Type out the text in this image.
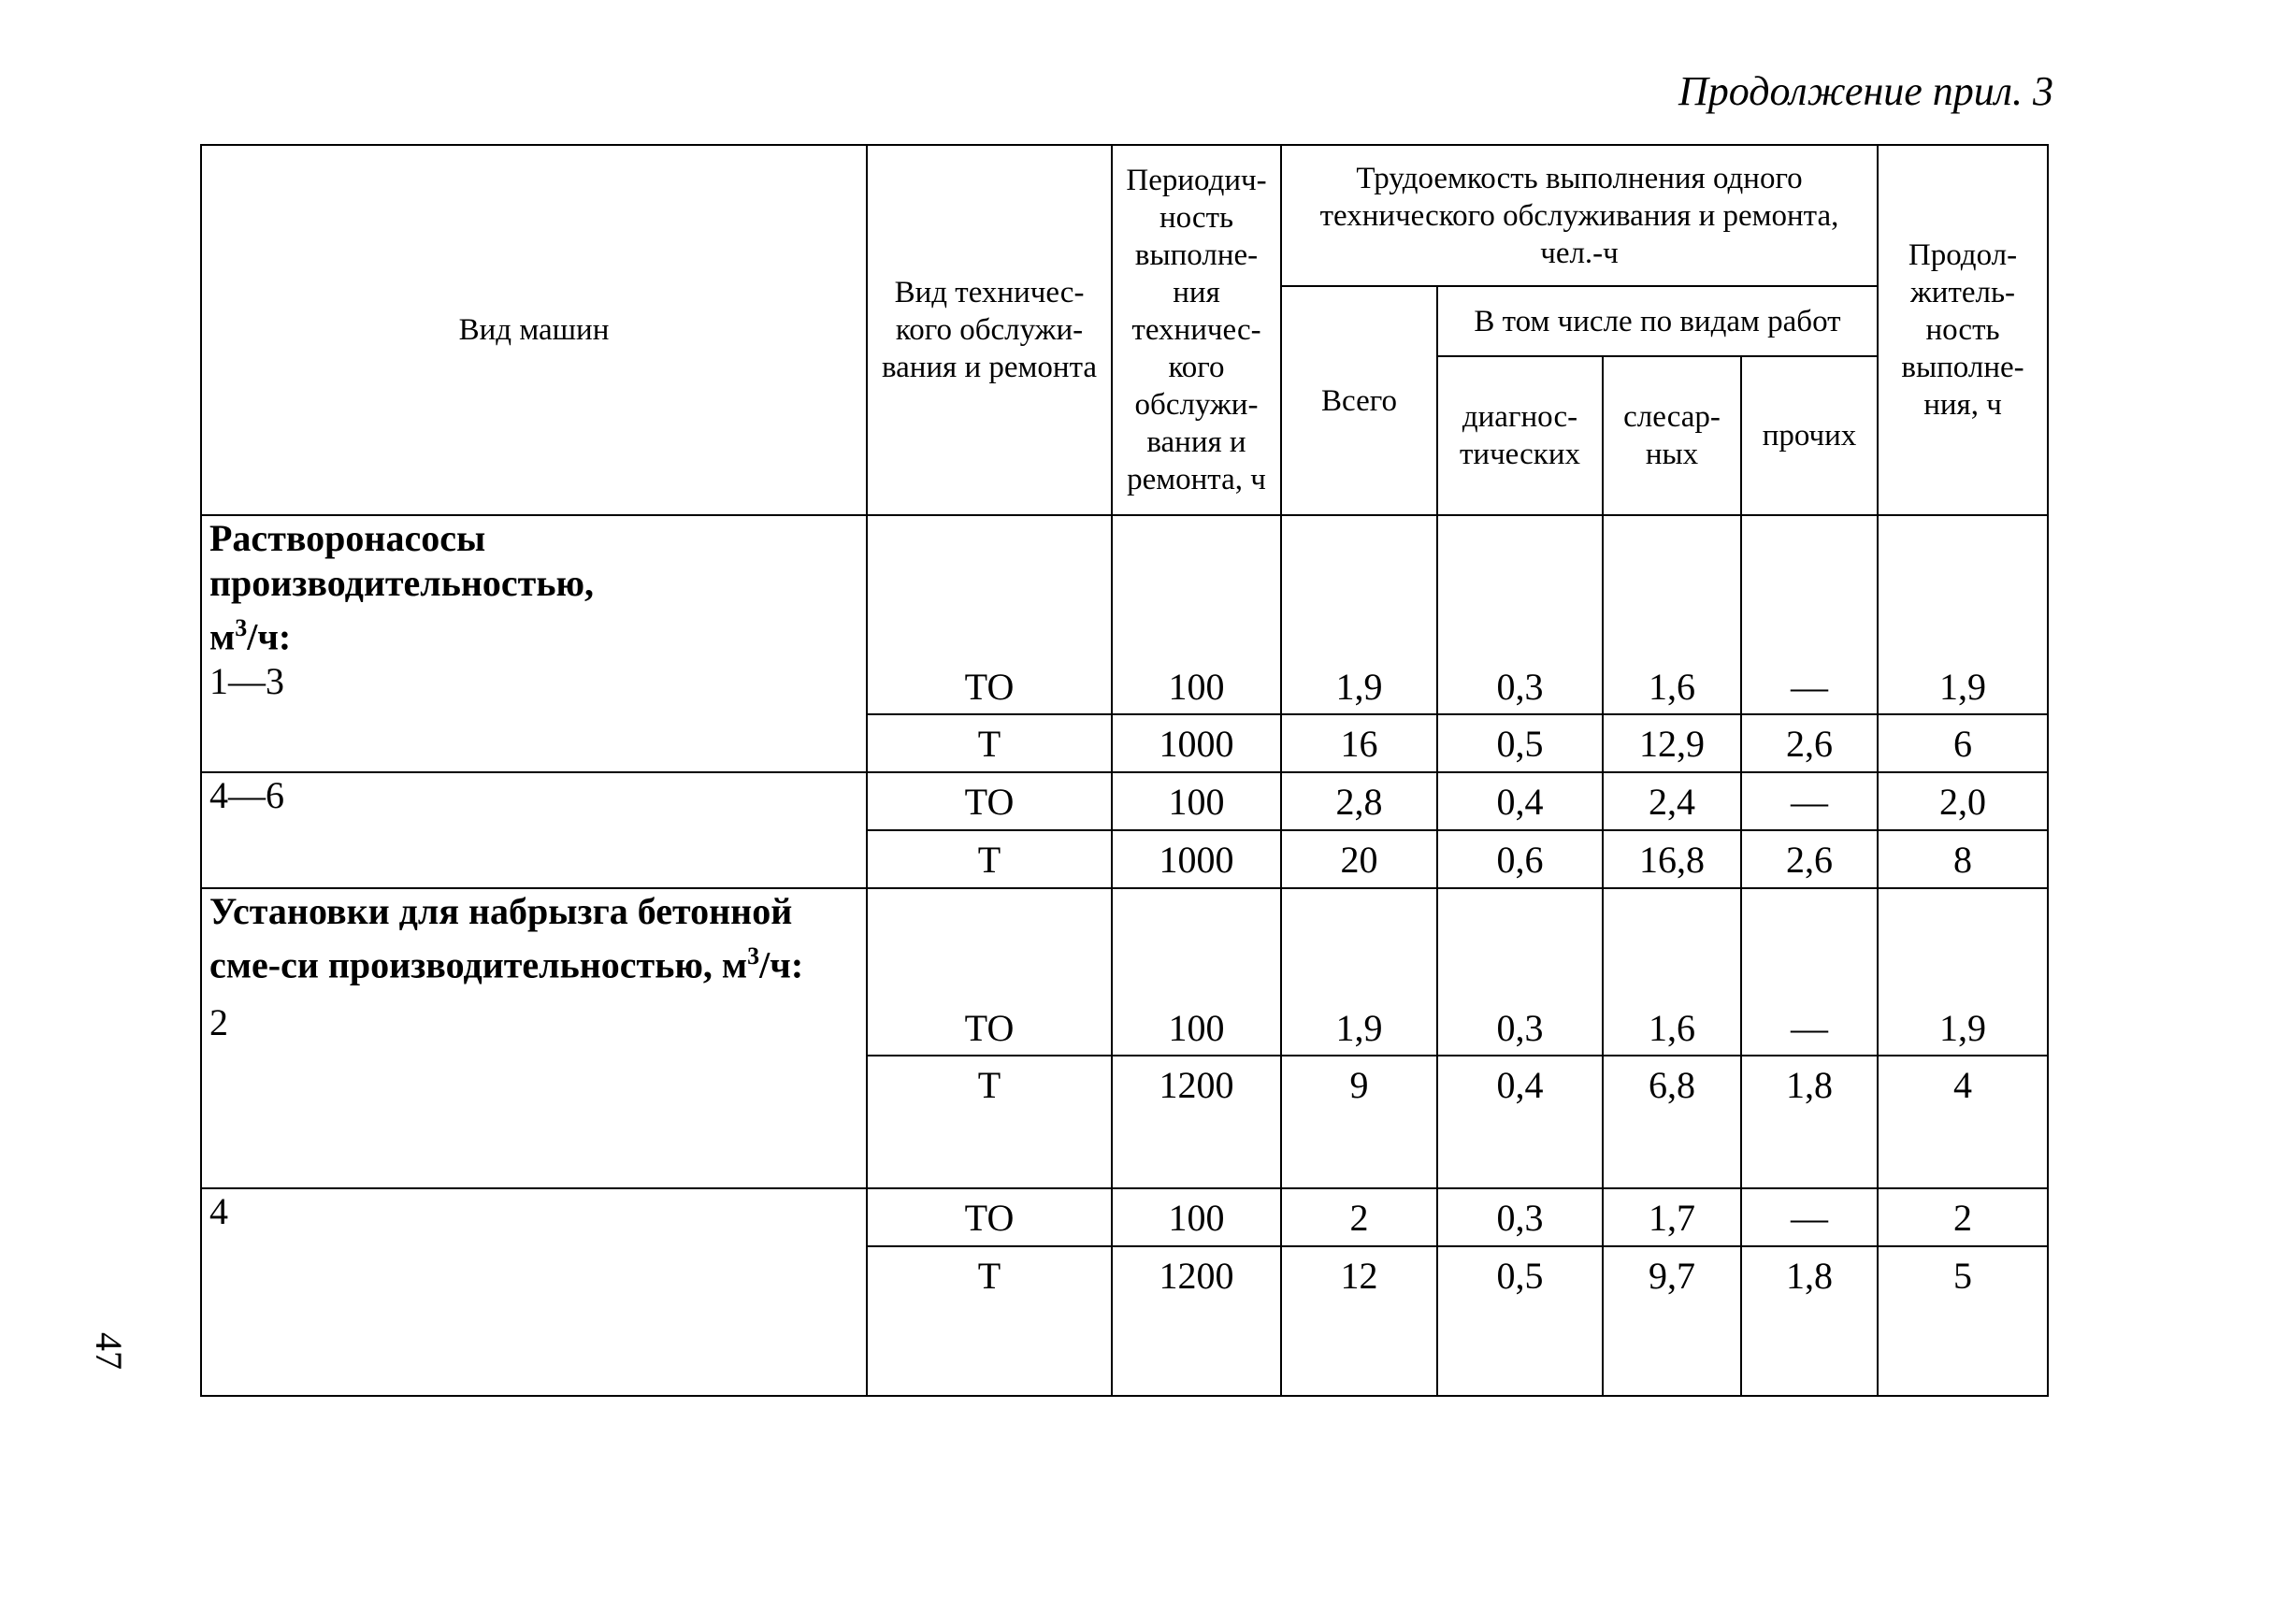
Продолжение прил. 3
47
Вид машин	Вид техничес-кого обслужи-вания и ремонта	Периодич-ность выполне-ния техничес-кого обслужи-вания и ремонта, ч	Трудоемкость выполнения одного технического обслуживания и ремонта, чел.-ч				Продол-житель-ность выполне-ния, ч
			Всего	В том числе по видам работ			
				диагнос-тических	слесар-ных	прочих	
Растворонасосы производительностью,
$м^3/ч$:							
1—3	ТО	100	1,9	0,3	1,6	—	1,9
	Т	1000	16	0,5	12,9	2,6	6
4—6	ТО	100	2,8	0,4	2,4	—	2,0
	Т	1000	20	0,6	16,8	2,6	8
Установки для набрызга бетонной сме-си производительностью, $м^3/ч$:							
2	ТО	100	1,9	0,3	1,6	—	1,9
	Т	1200	9	0,4	6,8	1,8	4

4	ТО	100	2	0,3	1,7	—	2
	Т	1200	12	0,5	9,7	1,8	5
